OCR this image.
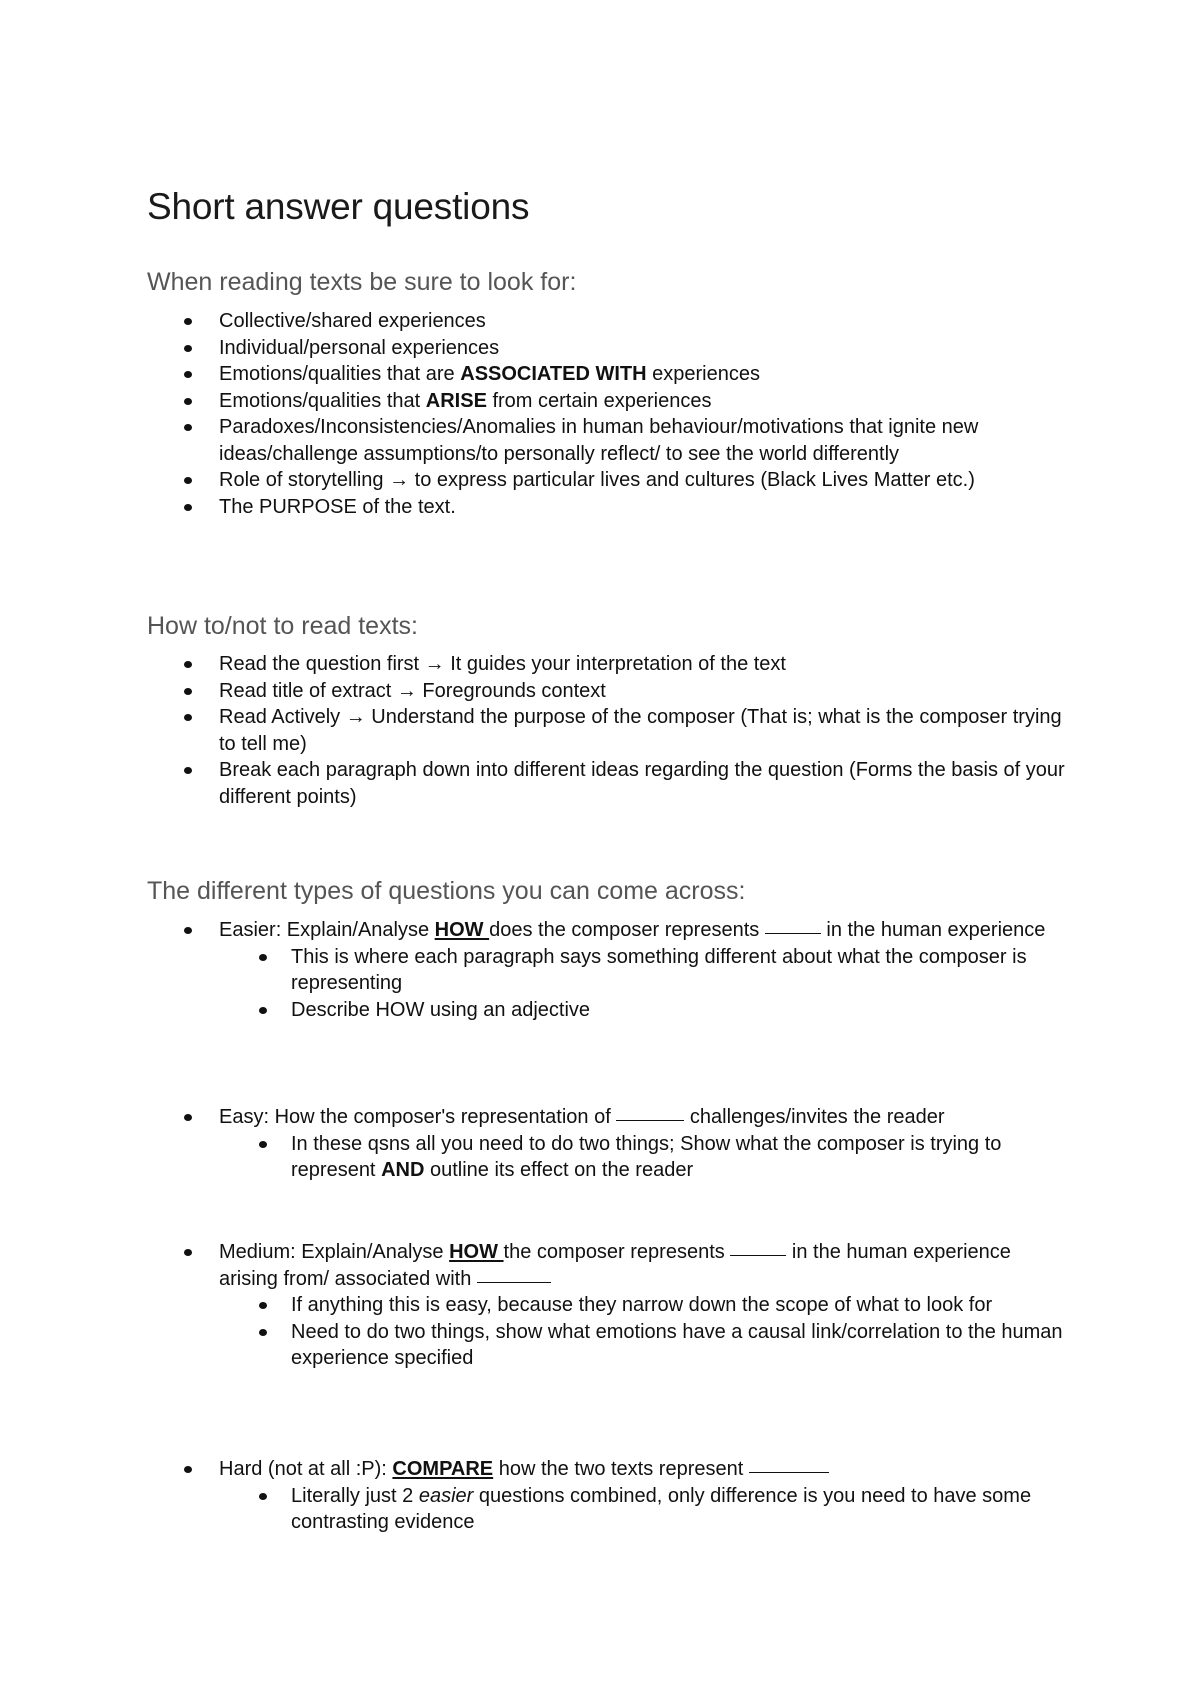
Short answer questions
When reading texts be sure to look for:
Collective/shared experiences
Individual/personal experiences
Emotions/qualities that are ASSOCIATED WITH experiences
Emotions/qualities that ARISE from certain experiences
Paradoxes/Inconsistencies/Anomalies in human behaviour/motivations that ignite new ideas/challenge assumptions/to personally reflect/ to see the world differently
Role of storytelling → to express particular lives and cultures (Black Lives Matter etc.)
The PURPOSE of the text.
How to/not to read texts:
Read the question first → It guides your interpretation of the text
Read title of extract → Foregrounds context
Read Actively → Understand the purpose of the composer (That is; what is the composer trying to tell me)
Break each paragraph down into different ideas regarding the question (Forms the basis of your different points)
The different types of questions you can come across:
Easier: Explain/Analyse HOW does the composer represents	in the human experience
This is where each paragraph says something different about what the composer is representing
Describe HOW using an adjective
Easy: How the composer's representation of	challenges/invites the reader
In these qsns all you need to do two things; Show what the composer is trying to represent AND outline its effect on the reader
Medium: Explain/Analyse HOW the composer represents	in the human experience arising from/ associated with
If anything this is easy, because they narrow down the scope of what to look for
Need to do two things, show what emotions have a causal link/correlation to the human experience specified
Hard (not at all :P): COMPARE how the two texts represent
Literally just 2 easier questions combined, only difference is you need to have some contrasting evidence
